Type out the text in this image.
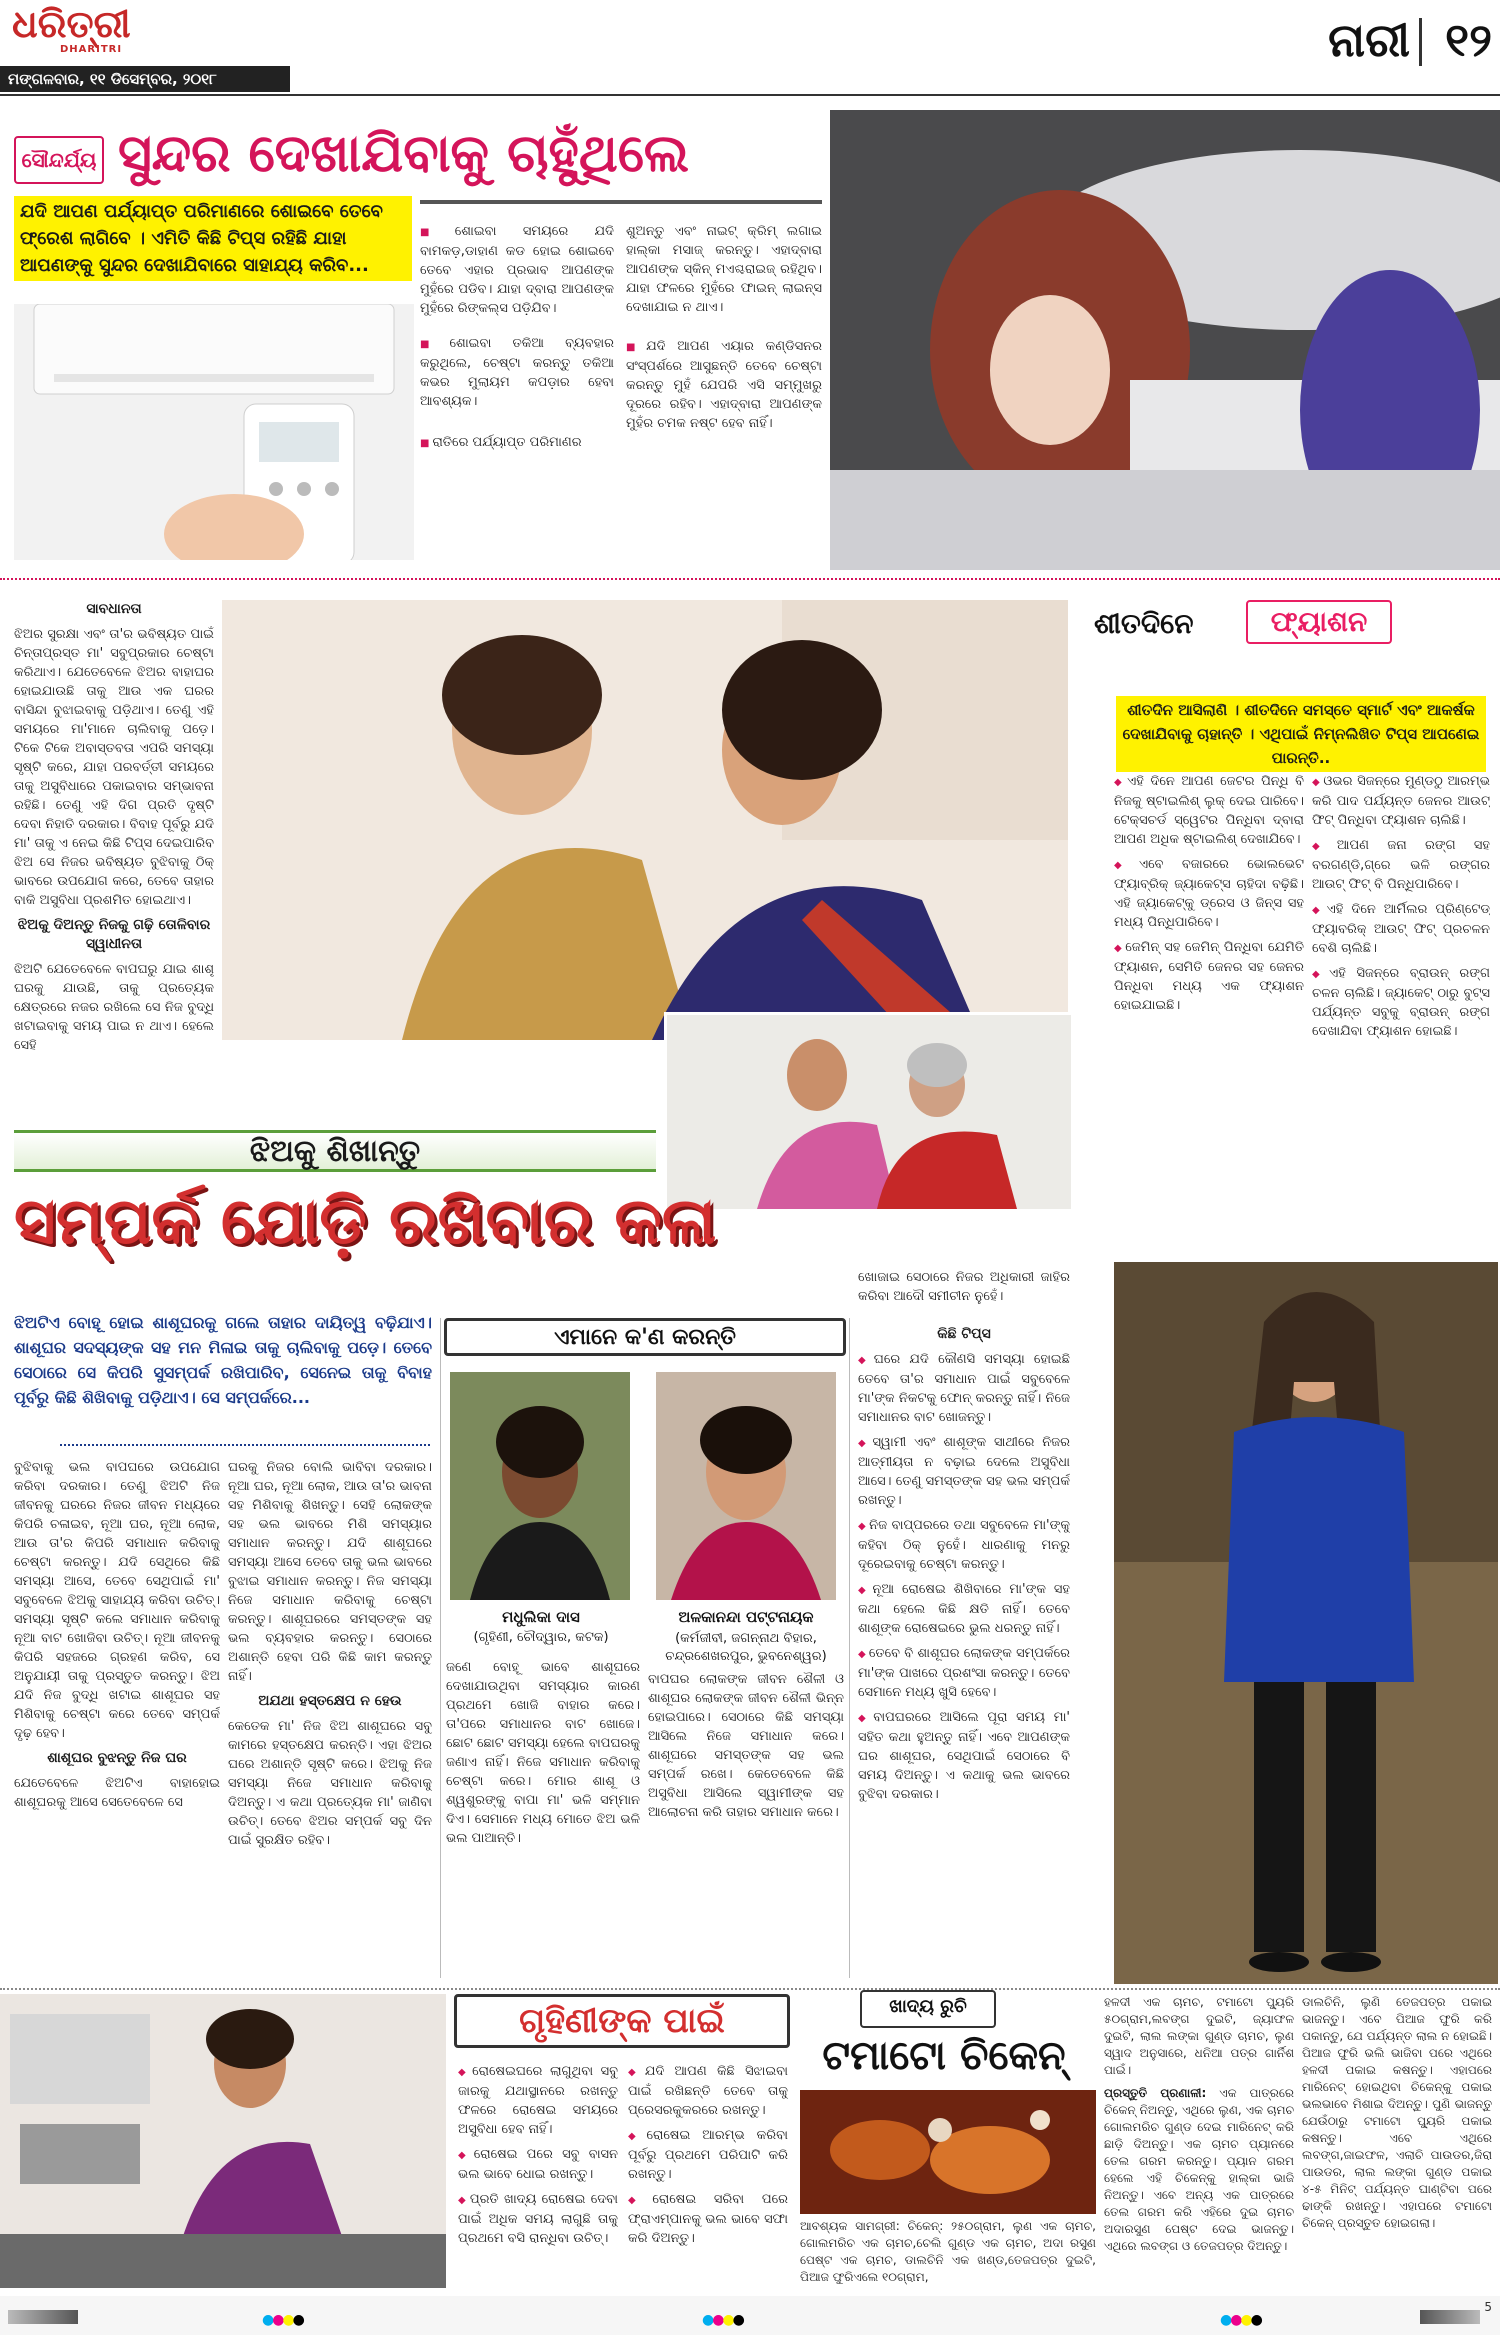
ଧରିତ୍ରୀ
DHARITRI
ମଙ୍ଗଳବାର, ୧୧ ଡିସେମ୍ବର, ୨୦୧୮
ନାରୀ ୧୨
ସୌନ୍ଦର୍ଯ୍ୟ ସୁନ୍ଦର ଦେଖାଯିବାକୁ ଚାହୁଁଥିଲେ
ଯଦି ଆପଣ ପର୍ଯ୍ୟାପ୍ତ ପରିମାଣରେ ଶୋଇବେ ତେବେ ଫ୍ରେଶ ଲାଗିବେ । ଏମିତି କିଛି ଟିପ୍ସ ରହିଛି ଯାହା ଆପଣଙ୍କୁ ସୁନ୍ଦର ଦେଖାଯିବାରେ ସାହାଯ୍ୟ କରିବ...

■ ଶୋଇବା ସମୟରେ ଯଦି ବାମକଡ଼,ଡାହାଣ କଡ ହୋଇ ଶୋଇବେ ତେବେ ଏହାର ପ୍ରଭାବ ଆପଣଙ୍କ ମୁହଁରେ ପଡିବ। ଯାହା ଦ୍ବାରା ଆପଣଙ୍କ ମୁହଁରେ ରିଙ୍କଲ୍ସ ପଡ଼ିଯିବ।

■ ଶୋଇବା ତକିଆ ବ୍ୟବହାର କରୁଥିଲେ, ଚେଷ୍ଟା କରନ୍ତୁ ତକିଆ କଭର ମୁଲାୟମ କପଡ଼ାର ହେବା ଆବଶ୍ୟକ।

■ ରାତିରେ ପର୍ଯ୍ୟାପ୍ତ ପରିମାଣର

ଶୁଅନ୍ତୁ ଏବଂ ନାଇଟ୍ କ୍ରିମ୍ ଲଗାଇ ହାଲ୍କା ମସାଜ୍ କରନ୍ତୁ। ଏହାଦ୍ବାରା ଆପଣଙ୍କ ସ୍କିନ୍ ମଏଶ୍ଚରାଇଜ୍ ରହିଥିବ। ଯାହା ଫଳରେ ମୁହଁରେ ଫାଇନ୍ ଲାଇନ୍ସ ଦେଖାଯାଇ ନ ଥାଏ।

■ ଯଦି ଆପଣ ଏୟାର କଣ୍ଡିସନର ସଂସ୍ପର୍ଶରେ ଆସୁଛନ୍ତି ତେବେ ଚେଷ୍ଟା କରନ୍ତୁ ମୁହଁ ଯେପରି ଏସି ସମ୍ମୁଖରୁ ଦୂରରେ ରହିବ। ଏହାଦ୍ବାରା ଆପଣଙ୍କ ମୁହଁର ଚମକ ନଷ୍ଟ ହେବ ନାହିଁ।

ସାବଧାନତା

ଝିଅର ସୁରକ୍ଷା ଏବଂ ତା'ର ଭବିଷ୍ୟତ ପାଇଁ ଚିନ୍ତାପ୍ରସ୍ତ ମା' ସବୁପ୍ରକାର ଚେଷ୍ଟା କରିଥାଏ। ଯେତେବେଳେ ଝିଅର ବାହାଘର ହୋଇଯାଉଛି ତାକୁ ଆଉ ଏକ ଘରର ବାସିନ୍ଦା ବୁଝାଇବାକୁ ପଡ଼ିଥାଏ। ତେଣୁ ଏହି ସମୟରେ ମା'ମାନେ ଚାଲିବାକୁ ପଡ଼େ। ଟିକେ ଟିକେ ଅବାସ୍ତବତା ଏପରି ସମସ୍ୟା ସୃଷ୍ଟି କରେ, ଯାହା ପରବର୍ତ୍ତୀ ସମୟରେ ତାକୁ ଅସୁବିଧାରେ ପକାଇବାର ସମ୍ଭାବନା ରହିଛି। ତେଣୁ ଏହି ଦିଗ ପ୍ରତି ଦୃଷ୍ଟି ଦେବା ନିହାତି ଦରକାର। ବିବାହ ପୂର୍ବରୁ ଯଦି ମା' ତାକୁ ଏ ନେଇ କିଛି ଟିପ୍ସ ଦେଇପାରିବ ଝିଅ ସେ ନିଜର ଭବିଷ୍ୟତ ବୁଝିବାକୁ ଠିକ୍ ଭାବରେ ଉପଯୋଗ କରେ, ତେବେ ତାହାର ବାକି ଅସୁବିଧା ପ୍ରଶମିତ ହୋଇଥାଏ।

ଝିଅକୁ ଦିଅନ୍ତୁ ନିଜକୁ ଗଢ଼ି ତୋଳିବାର ସ୍ୱାଧୀନତା

ଝିଅଟି ଯେତେବେଳେ ବାପଘରୁ ଯାଇ ଶାଶୂ ଘରକୁ ଯାଉଛି, ତାକୁ ପ୍ରତ୍ୟେକ କ୍ଷେତ୍ରରେ ନଜର ରଖିଲେ ସେ ନିଜ ବୁଦ୍ଧି ଖଟାଇବାକୁ ସମୟ ପାଇ ନ ଥାଏ। ହେଲେ ସେହି

ଝିଅକୁ ଶିଖାନ୍ତୁ
ସମ୍ପର୍କ ଯୋଡ଼ି ରଖିବାର କଳା
ଝିଅଟିଏ ବୋହୂ ହୋଇ ଶାଶୂଘରକୁ ଗଲେ ତାହାର ଦାୟିତ୍ୱ ବଢ଼ିଯାଏ। ଶାଶୂଘର ସଦସ୍ୟଙ୍କ ସହ ମନ ମିଳାଇ ତାକୁ ଚାଲିବାକୁ ପଡ଼େ। ତେବେ ସେଠାରେ ସେ କିପରି ସୁସମ୍ପର୍କ ରଖିପାରିବ, ସେନେଇ ତାକୁ ବିବାହ ପୂର୍ବରୁ କିଛି ଶିଖିବାକୁ ପଡ଼ିଥାଏ। ସେ ସମ୍ପର୍କରେ...

ବୁଝିବାକୁ ଭଲ ବାପଘରେ ଉପଯୋଗ କରିବା ଦରକାର। ତେଣୁ ଝିଅଟି ନିଜ ଜୀବନକୁ ଘରରେ ନିଜର ଜୀବନ ମଧ୍ୟରେ କିପରି ଚଳାଇବ, ନୂଆ ଘର, ନୂଆ ଲୋକ, ଆଉ ତା'ର କିପରି ସମାଧାନ କରିବାକୁ ଚେଷ୍ଟା କରନ୍ତୁ। ଯଦି ସେଥିରେ କିଛି ସମସ୍ୟା ଆସେ, ତେବେ ସେଥିପାଇଁ ମା' ସବୁବେଳେ ଝିଅକୁ ସାହାଯ୍ୟ କରିବା ଉଚିତ୍। ସମସ୍ୟା ସୃଷ୍ଟି କଲେ ସମାଧାନ କରିବାକୁ ନୂଆ ବାଟ ଖୋଜିବା ଉଚିତ୍। ନୂଆ ଜୀବନକୁ କିପରି ସହଜରେ ଗ୍ରହଣ କରିବ, ସେ ଅନୁଯାୟୀ ତାକୁ ପ୍ରସ୍ତୁତ କରନ୍ତୁ। ଝିଅ ଯଦି ନିଜ ବୁଦ୍ଧି ଖଟାଇ ଶାଶୂଘର ସହ ମିଶିବାକୁ ଚେଷ୍ଟା କରେ ତେବେ ସମ୍ପର୍କ ଦୃଢ଼ ହେବ।

ଶାଶୂଘର ବୁଝନ୍ତୁ ନିଜ ଘର

ଯେତେବେଳେ ଝିଅଟିଏ ବାହାହୋଇ ଶାଶୂଘରକୁ ଆସେ ସେତେବେଳେ ସେ

ଘରକୁ ନିଜର ବୋଲି ଭାବିବା ଦରକାର। ନୂଆ ଘର, ନୂଆ ଲୋକ, ଆଉ ତା'ର ଭାବନା ସହ ମିଶିବାକୁ ଶିଖନ୍ତୁ। ସେହି ଲୋକଙ୍କ ସହ ଭଲ ଭାବରେ ମିଶି ସମସ୍ୟାର ସମାଧାନ କରନ୍ତୁ। ଯଦି ଶାଶୂଘରେ ସମସ୍ୟା ଆସେ ତେବେ ତାକୁ ଭଲ ଭାବରେ ବୁଝାଇ ସମାଧାନ କରନ୍ତୁ। ନିଜ ସମସ୍ୟା ନିଜେ ସମାଧାନ କରିବାକୁ ଚେଷ୍ଟା କରନ୍ତୁ। ଶାଶୂଘରରେ ସମସ୍ତଙ୍କ ସହ ଭଲ ବ୍ୟବହାର କରନ୍ତୁ। ସେଠାରେ ଅଶାନ୍ତି ହେବା ପରି କିଛି କାମ କରନ୍ତୁ ନାହିଁ।

ଅଯଥା ହସ୍ତକ୍ଷେପ ନ ହେଉ

କେତେକ ମା' ନିଜ ଝିଅ ଶାଶୂଘରେ ସବୁ କାମରେ ହସ୍ତକ୍ଷେପ କରନ୍ତି। ଏହା ଝିଅର ଘରେ ଅଶାନ୍ତି ସୃଷ୍ଟି କରେ। ଝିଅକୁ ନିଜ ସମସ୍ୟା ନିଜେ ସମାଧାନ କରିବାକୁ ଦିଅନ୍ତୁ। ଏ କଥା ପ୍ରତ୍ୟେକ ମା' ଜାଣିବା ଉଚିତ୍। ତେବେ ଝିଅର ସମ୍ପର୍କ ସବୁ ଦିନ ପାଇଁ ସୁରକ୍ଷିତ ରହିବ।

ଏମାନେ କ'ଣ କରନ୍ତି
ମଧୁଲିକା ଦାସ
(ଗୃହିଣୀ, ଚୌଦ୍ୱାର, କଟକ)
ଜଣେ ବୋହୂ ଭାବେ ଶାଶୂଘରେ ଦେଖାଯାଉଥିବା ସମସ୍ୟାର କାରଣ ପ୍ରଥମେ ଖୋଜି ବାହାର କରେ। ତା'ପରେ ସମାଧାନର ବାଟ ଖୋଜେ। ଛୋଟ ଛୋଟ ସମସ୍ୟା ହେଲେ ବାପଘରକୁ ଜଣାଏ ନାହିଁ। ନିଜେ ସମାଧାନ କରିବାକୁ ଚେଷ୍ଟା କରେ। ମୋର ଶାଶୂ ଓ ଶ୍ୱଶୁରଙ୍କୁ ବାପା ମା' ଭଳି ସମ୍ମାନ ଦିଏ। ସେମାନେ ମଧ୍ୟ ମୋତେ ଝିଅ ଭଳି ଭଲ ପାଆନ୍ତି।
ଅଳକାନନ୍ଦା ପଟ୍ଟନାୟକ
(କର୍ମଜୀବୀ, ଜଗନ୍ନାଥ ବିହାର, ଚନ୍ଦ୍ରଶେଖରପୁର, ଭୁବନେଶ୍ୱର)
ବାପଘର ଲୋକଙ୍କ ଜୀବନ ଶୈଳୀ ଓ ଶାଶୂଘର ଲୋକଙ୍କ ଜୀବନ ଶୈଳୀ ଭିନ୍ନ ହୋଇପାରେ। ସେଠାରେ କିଛି ସମସ୍ୟା ଆସିଲେ ନିଜେ ସମାଧାନ କରେ। ଶାଶୂଘରେ ସମସ୍ତଙ୍କ ସହ ଭଲ ସମ୍ପର୍କ ରଖେ। କେତେବେଳେ କିଛି ଅସୁବିଧା ଆସିଲେ ସ୍ୱାମୀଙ୍କ ସହ ଆଲୋଚନା କରି ତାହାର ସମାଧାନ କରେ।
ଖୋଜାଇ ସେଠାରେ ନିଜର ଅଧିକାରୀ ଜାହିର କରିବା ଆଦୌ ସମୀଚୀନ ନୁହେଁ।
କିଛି ଟିପ୍ସ

◆ ଘରେ ଯଦି କୌଣସି ସମସ୍ୟା ହୋଇଛି ତେବେ ତା'ର ସମାଧାନ ପାଇଁ ସବୁବେଳେ ମା'ଙ୍କ ନିକଟକୁ ଫୋନ୍ କରନ୍ତୁ ନାହିଁ। ନିଜେ ସମାଧାନର ବାଟ ଖୋଜନ୍ତୁ।

◆ ସ୍ୱାମୀ ଏବଂ ଶାଶୂଙ୍କ ସାଥୀରେ ନିଜର ଆତ୍ମୀୟତା ନ ବଢ଼ାଇ ଦେଲେ ଅସୁବିଧା ଆସେ। ତେଣୁ ସମସ୍ତଙ୍କ ସହ ଭଲ ସମ୍ପର୍କ ରଖନ୍ତୁ।

◆ ନିଜ ବାପ୍ପରରେ ତଥା ସବୁବେଳେ ମା'ଙ୍କୁ କହିବା ଠିକ୍ ନୁହେଁ। ଧାରଣାକୁ ମନରୁ ଦୂରେଇବାକୁ ଚେଷ୍ଟା କରନ୍ତୁ।

◆ ନୂଆ ରୋଷେଇ ଶିଖିବାରେ ମା'ଙ୍କ ସହ କଥା ହେଲେ କିଛି କ୍ଷତି ନାହିଁ। ତେବେ ଶାଶୂଙ୍କ ରୋଷେଇରେ ଭୁଲ ଧରନ୍ତୁ ନାହିଁ।

◆ ତେବେ ବି ଶାଶୂଘର ଲୋକଙ୍କ ସମ୍ପର୍କରେ ମା'ଙ୍କ ପାଖରେ ପ୍ରଶଂସା କରନ୍ତୁ। ତେବେ ସେମାନେ ମଧ୍ୟ ଖୁସି ହେବେ।

◆ ବାପଘରରେ ଆସିଲେ ପୂରା ସମୟ ମା' ସହିତ କଥା ହୁଅନ୍ତୁ ନାହିଁ। ଏବେ ଆପଣଙ୍କ ଘର ଶାଶୂଘର, ସେଥିପାଇଁ ସେଠାରେ ବି ସମୟ ଦିଅନ୍ତୁ। ଏ କଥାକୁ ଭଲ ଭାବରେ ବୁଝିବା ଦରକାର।

ଶୀତଦିନେ	ଫ୍ୟାଶନ
ଶୀତଦିନ ଆସିଲାଣି । ଶୀତଦିନେ ସମସ୍ତେ ସ୍ମାର୍ଟ ଏବଂ ଆକର୍ଷକ ଦେଖାଯିବାକୁ ଚାହାନ୍ତି । ଏଥିପାଇଁ ନିମ୍ନଲିଖିତ ଟିପ୍ସ ଆପଣେଇ ପାରନ୍ତି..

◆ ଏହି ଦିନେ ଆପଣ ଜେଟର ପିନ୍ଧି ବି ନିଜକୁ ଷ୍ଟାଇଲିଶ୍ ଲୁକ୍ ଦେଇ ପାରିବେ। ଟେକ୍ସଚର୍ଡ ସ୍ୱେଟର ପିନ୍ଧିବା ଦ୍ବାରା ଆପଣ ଅଧିକ ଷ୍ଟାଇଲିଶ୍ ଦେଖାଯିବେ।

◆ ଏବେ ବଜାରରେ ଭୋଲଭେଟ ଫ୍ୟାବ୍ରିକ୍ ଜ୍ୟାକେଟ୍ସ ଚାହିଦା ବଢ଼ିଛି। ଏହି ଜ୍ୟାକେଟ୍କୁ ଡ୍ରେସ ଓ ଜିନ୍ସ ସହ ମଧ୍ୟ ପିନ୍ଧିପାରିବେ।

◆ ଜେମିନ୍ ସହ ଜେମିନ୍ ପିନ୍ଧିବା ଯେମିତି ଫ୍ୟାଶନ, ସେମିତି ଜେନର ସହ ଜେନର ପିନ୍ଧିବା ମଧ୍ୟ ଏକ ଫ୍ୟାଶନ ହୋଇଯାଇଛି।

◆ ଓଭର ସିଜନ୍ରେ ମୁଣ୍ଡଠୁ ଆରମ୍ଭ କରି ପାଦ ପର୍ଯ୍ୟନ୍ତ ଜେନର ଆଉଟ୍ ଫିଟ୍ ପିନ୍ଧିବା ଫ୍ୟାଶନ ଚାଲିଛି।

◆ ଆପଣ ଜନା ରଙ୍ଗ ସହ ବରଗଣ୍ଡି,ଗ୍ରେ ଭଳି ରଙ୍ଗର ଆଉଟ୍ ଫିଟ୍ ବି ପିନ୍ଧିପାରିବେ।

◆ ଏହି ଦିନେ ଆର୍ମିଲର ପ୍ରିଣ୍ଟେଡ୍ ଫ୍ୟାବରିକ୍ ଆଉଟ୍ ଫିଟ୍ ପ୍ରଚଳନ ବେଶି ଚାଲିଛି।

◆ ଏହି ସିଜନ୍ରେ ବ୍ରାଉନ୍ ରଙ୍ଗ ଚଳନ ଚାଲିଛି। ଜ୍ୟାକେଟ୍ ଠାରୁ ବୁଟ୍ସ ପର୍ଯ୍ୟନ୍ତ ସବୁକୁ ବ୍ରାଉନ୍ ରଙ୍ଗ ଦେଖାଯିବା ଫ୍ୟାଶନ ହୋଇଛି।

ଗୃହିଣୀଙ୍କ ପାଇଁ

◆ ରୋଷେଇଘରେ ଲାଗୁଥିବା ସବୁ ଜାରକୁ ଯଥାସ୍ଥାନରେ ରଖନ୍ତୁ ଫଳରେ ରୋଷେଇ ସମୟରେ ଅସୁବିଧା ହେବ ନାହିଁ।

◆ ରୋଷେଇ ପରେ ସବୁ ବାସନ ଭଲ ଭାବେ ଧୋଇ ରଖନ୍ତୁ।

◆ ପ୍ରତି ଖାଦ୍ୟ ରୋଷେଇ ଦେବା ପାଇଁ ଅଧିକ ସମୟ ଲାଗୁଛି ତାକୁ ପ୍ରଥମେ ବସି ରାନ୍ଧିବା ଉଚିତ୍।

◆ ଯଦି ଆପଣ କିଛି ସିଝାଇବା ପାଇଁ ରଖିଛନ୍ତି ତେବେ ତାକୁ ପ୍ରେସରକୁକରରେ ରଖନ୍ତୁ।

◆ ରୋଷେଇ ଆରମ୍ଭ କରିବା ପୂର୍ବରୁ ପ୍ରଥମେ ପରିପାଟି କରି ରଖନ୍ତୁ।

◆ ରୋଷେଇ ସରିବା ପରେ ଫ୍ରାଏମ୍ପାନକୁ ଭଲ ଭାବେ ସଫା କରି ଦିଅନ୍ତୁ।

ଖାଦ୍ୟ ରୁଚି
ଟମାଟୋ ଚିକେନ୍
ଆବଶ୍ୟକ ସାମଗ୍ରୀ: ଚିକେନ୍: ୨୫୦ଗ୍ରାମ, ଲୁଣ ଏକ ଚାମଚ, ଗୋଲମରିଚ ଏକ ଚାମଚ,ଚେଲି ଗୁଣ୍ଡ ଏକ ଚାମଚ, ଅଦା ରସୁଣ ପେଷ୍ଟ ଏକ ଚାମଚ, ଡାଲଚିନି ଏକ ଖଣ୍ଡ,ତେଜପତ୍ର ଦୁଇଟି, ପିଆଜ ଫୁରିଏଲେ ୧୦ଗ୍ରାମ,

ହଳଦୀ ଏକ ଚାମଚ, ଟମାଟୋ ପ୍ୟୁରି ୫୦ଗ୍ରାମ,ଲବଙ୍ଗ ଦୁଇଟି, ଜ୍ୟାଫଳ ଦୁଇଟି, ଲାଲ ଲଙ୍କା ଗୁଣ୍ଡ ଚାମଚ, ଲୁଣ ସ୍ୱାଦ ଅନୁସାରେ, ଧନିଆ ପତ୍ର ଗାର୍ନିଶ ପାଇଁ।

ପ୍ରସ୍ତୁତି ପ୍ରଣାଳୀ: ଏକ ପାତ୍ରରେ ଚିକେନ୍ ନିଅନ୍ତୁ, ଏଥିରେ ଲୁଣ, ଏକ ଚାମଚ ଗୋଲମରିଚ ଗୁଣ୍ଡ ଦେଇ ମାରିନେଟ୍ କରି ଛାଡ଼ି ଦିଅନ୍ତୁ। ଏକ ଚାମଚ ପ୍ୟାନରେ ତେଲ ଗରମ କରନ୍ତୁ। ପ୍ୟାନ ଗରମ ହେଲେ ଏହି ଚିକେନ୍କୁ ହାଲ୍କା ଭାଜି ନିଅନ୍ତୁ। ଏବେ ଅନ୍ୟ ଏକ ପାତ୍ରରେ ତେଲ ଗରମ କରି ଏହିରେ ଦୁଇ ଚାମଚ ଅଦାରସୁଣ ପେଷ୍ଟ ଦେଇ ଭାଜନ୍ତୁ। ଏଥିରେ ଲବଙ୍ଗ ଓ ତେଜପତ୍ର ଦିଅନ୍ତୁ।

ଡାଲଚିନି, ଲୁଣି ତେଜପତ୍ର ପକାଇ ଭାଜନ୍ତୁ। ଏବେ ପିଆଜ ଫୁରି କରି ପକାନ୍ତୁ, ଯେ ପର୍ଯ୍ୟନ୍ତ ଲାଲ ନ ହୋଇଛି। ପିଆଜ ଫୁରି ଭଲି ଭାଜିବା ପରେ ଏଥିରେ ହଳଦୀ ପକାଇ କଷନ୍ତୁ। ଏହାପରେ ମାରିନେଟ୍ ହୋଇଥିବା ଚିକେନ୍କୁ ପକାଇ ଭଲଭାବେ ମିଶାଇ ଦିଅନ୍ତୁ। ପୁଣି ଭାଜନ୍ତୁ ଯେଉଁଠାରୁ ଟମାଟୋ ପ୍ୟୁରି ପକାଇ କଷନ୍ତୁ। ଏବେ ଏଥିରେ ଲବଙ୍ଗ,ଜାଇଫଳ, ଏଲାଚି ପାଉଡର,ଜିରା ପାଉଡର, ଲାଲ ଲଙ୍କା ଗୁଣ୍ଡ ପକାଇ ୪-୫ ମିନିଟ୍ ପର୍ଯ୍ୟନ୍ତ ଘାଣ୍ଟିବା ପରେ ଢାଙ୍କି ରଖନ୍ତୁ। ଏହାପରେ ଟମାଟୋ ଚିକେନ୍ ପ୍ରସ୍ତୁତ ହୋଇଗଲା।
5
●●●●	●●●●	●●●●
